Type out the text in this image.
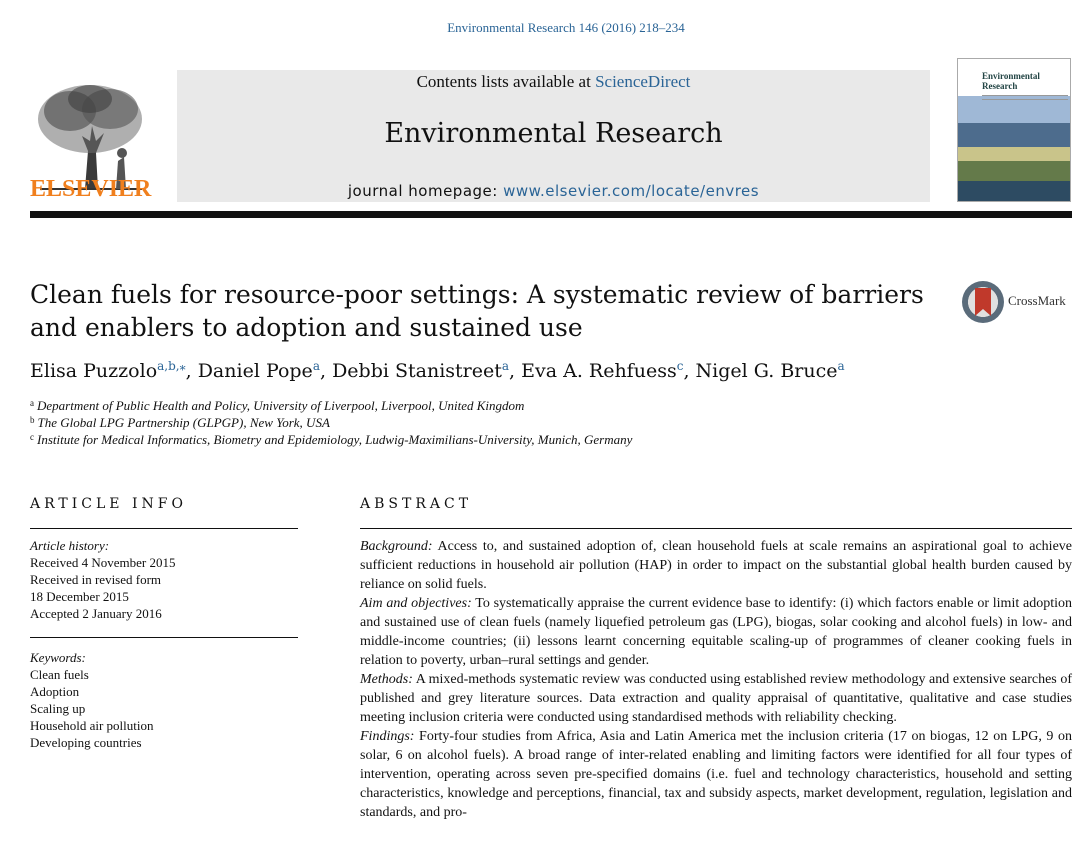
Environmental Research 146 (2016) 218–234
ELSEVIER
Contents lists available at ScienceDirect
Environmental Research
journal homepage: www.elsevier.com/locate/envres
Environmental
Research
Clean fuels for resource-poor settings: A systematic review of barriers
and enablers to adoption and sustained use
CrossMark
Elisa Puzzolo$^{a,b,⁎}$, Daniel Pope$^a$, Debbi Stanistreet$^a$, Eva A. Rehfuess$^c$, Nigel G. Bruce$^a$
$^a$ Department of Public Health and Policy, University of Liverpool, Liverpool, United Kingdom
$^b$ The Global LPG Partnership (GLPGP), New York, USA
$^c$ Institute for Medical Informatics, Biometry and Epidemiology, Ludwig-Maximilians-University, Munich, Germany
ARTICLE INFO
Article history:
Received 4 November 2015
Received in revised form
18 December 2015
Accepted 2 January 2016
Keywords:
Clean fuels
Adoption
Scaling up
Household air pollution
Developing countries
ABSTRACT

Background: Access to, and sustained adoption of, clean household fuels at scale remains an aspirational goal to achieve sufficient reductions in household air pollution (HAP) in order to impact on the substantial global health burden caused by reliance on solid fuels.

Aim and objectives: To systematically appraise the current evidence base to identify: (i) which factors enable or limit adoption and sustained use of clean fuels (namely liquefied petroleum gas (LPG), biogas, solar cooking and alcohol fuels) in low- and middle-income countries; (ii) lessons learnt concerning equitable scaling-up of programmes of cleaner cooking fuels in relation to poverty, urban–rural settings and gender.

Methods: A mixed-methods systematic review was conducted using established review methodology and extensive searches of published and grey literature sources. Data extraction and quality appraisal of quantitative, qualitative and case studies meeting inclusion criteria were conducted using standardised methods with reliability checking.

Findings: Forty-four studies from Africa, Asia and Latin America met the inclusion criteria (17 on biogas, 12 on LPG, 9 on solar, 6 on alcohol fuels). A broad range of inter-related enabling and limiting factors were identified for all four types of intervention, operating across seven pre-specified domains (i.e. fuel and technology characteristics, household and setting characteristics, knowledge and perceptions, financial, tax and subsidy aspects, market development, regulation, legislation and standards, and pro-
